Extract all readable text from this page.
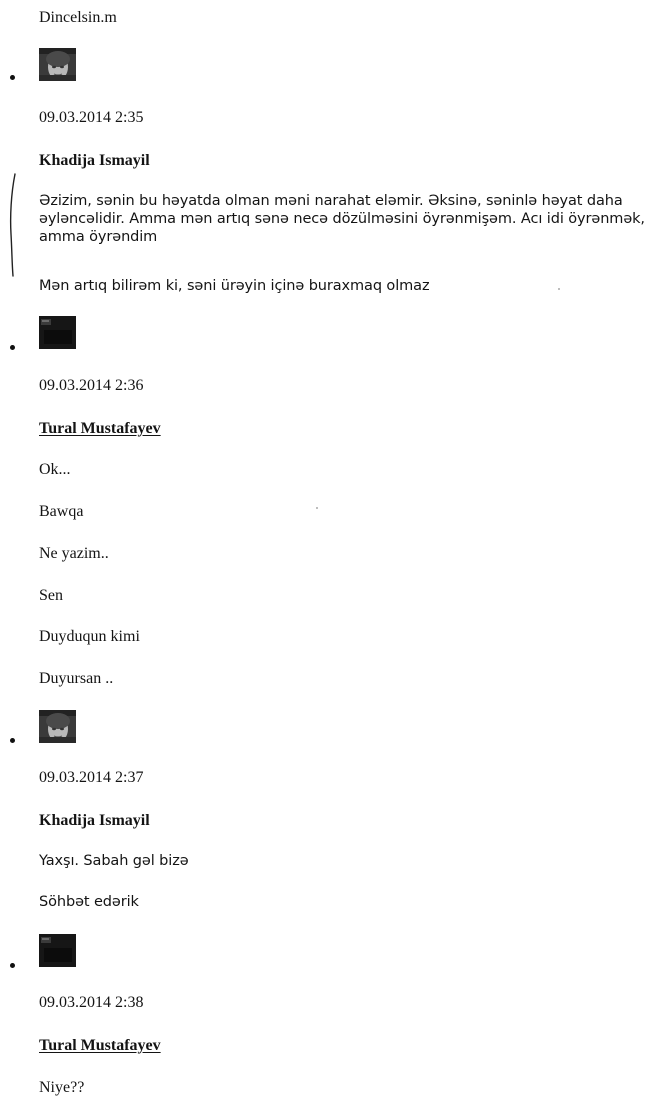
Dincelsin.m
09.03.2014 2:35
Khadija Ismayil
Əzizim, sənin bu həyatda olman məni narahat eləmir. Əksinə, səninlə həyat daha əyləncəlidir. Amma mən artıq sənə necə dözülməsini öyrənmişəm. Acı idi öyrənmək, amma öyrəndim
Mən artıq bilirəm ki, səni ürəyin içinə buraxmaq olmaz
09.03.2014 2:36
Tural Mustafayev
Ok...
Bawqa
Ne yazim..
Sen
Duyduqun kimi
Duyursan ..
09.03.2014 2:37
Khadija Ismayil
Yaxşı. Sabah gəl bizə
Söhbət edərik
09.03.2014 2:38
Tural Mustafayev
Niye??
